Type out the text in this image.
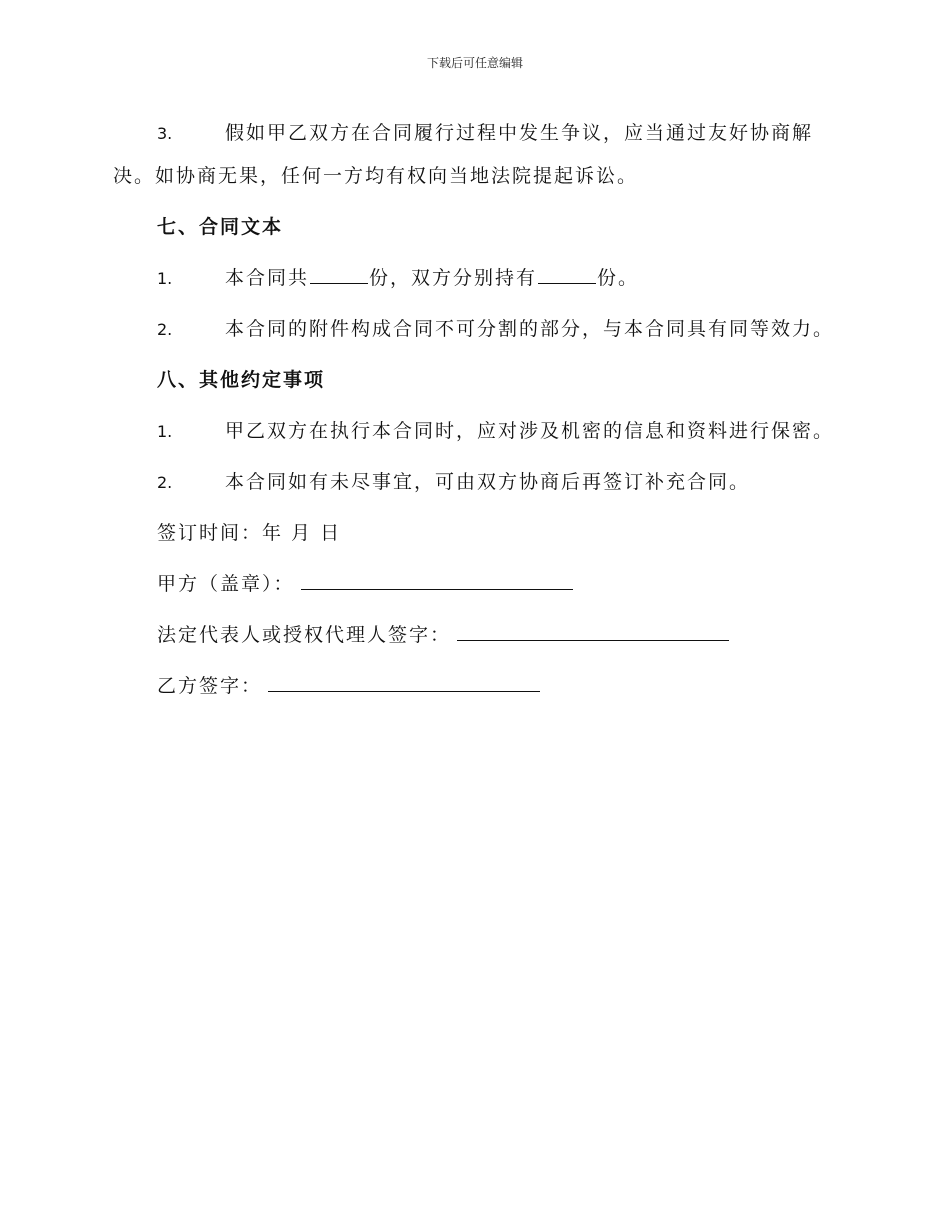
下载后可任意编辑

3.	假如甲乙双方在合同履行过程中发生争议，应当通过友好协商解决。如协商无果，任何一方均有权向当地法院提起诉讼。

七、合同文本

1.	本合同共	份，双方分别持有	份。

2.	本合同的附件构成合同不可分割的部分，与本合同具有同等效力。

八、其他约定事项

1.	甲乙双方在执行本合同时，应对涉及机密的信息和资料进行保密。

2.	本合同如有未尽事宜，可由双方协商后再签订补充合同。

签订时间：年 月 日

甲方（盖章）：

法定代表人或授权代理人签字：

乙方签字：
